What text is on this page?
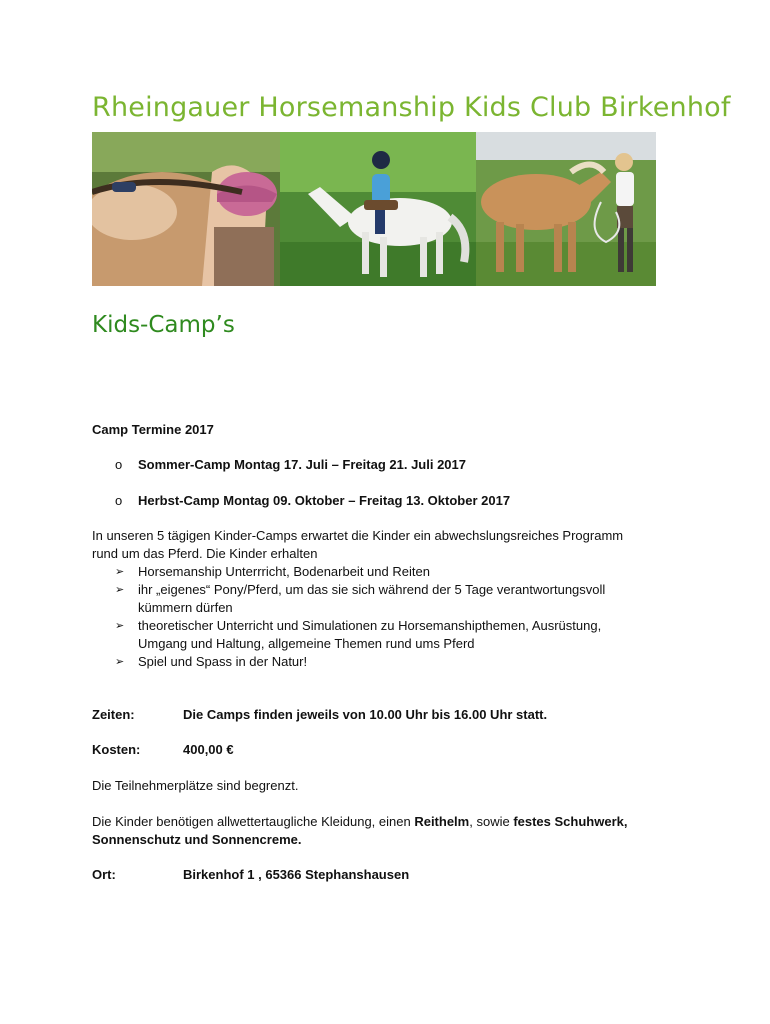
Rheingauer Horsemanship Kids Club Birkenhof
Kids-Camp’s
Camp Termine 2017
o Sommer-Camp Montag 17. Juli – Freitag 21. Juli 2017
o Herbst-Camp Montag 09. Oktober – Freitag 13. Oktober 2017
In unseren 5 tägigen Kinder-Camps erwartet die Kinder ein abwechslungsreiches Programm
rund um das Pferd. Die Kinder erhalten
➢ Horsemanship Unterrricht, Bodenarbeit und Reiten
➢ ihr „eigenes“ Pony/Pferd, um das sie sich während der 5 Tage verantwortungsvoll
kümmern dürfen
➢ theoretischer Unterricht und Simulationen zu Horsemanshipthemen, Ausrüstung,
Umgang und Haltung, allgemeine Themen rund ums Pferd
➢ Spiel und Spass in der Natur!
Zeiten:	Die Camps finden jeweils von 10.00 Uhr bis 16.00 Uhr statt.
Kosten:	400,00 €
Die Teilnehmerplätze sind begrenzt.
Die Kinder benötigen allwettertaugliche Kleidung, einen Reithelm, sowie festes Schuhwerk,
Sonnenschutz und Sonnencreme.
Ort:	Birkenhof 1 , 65366 Stephanshausen
